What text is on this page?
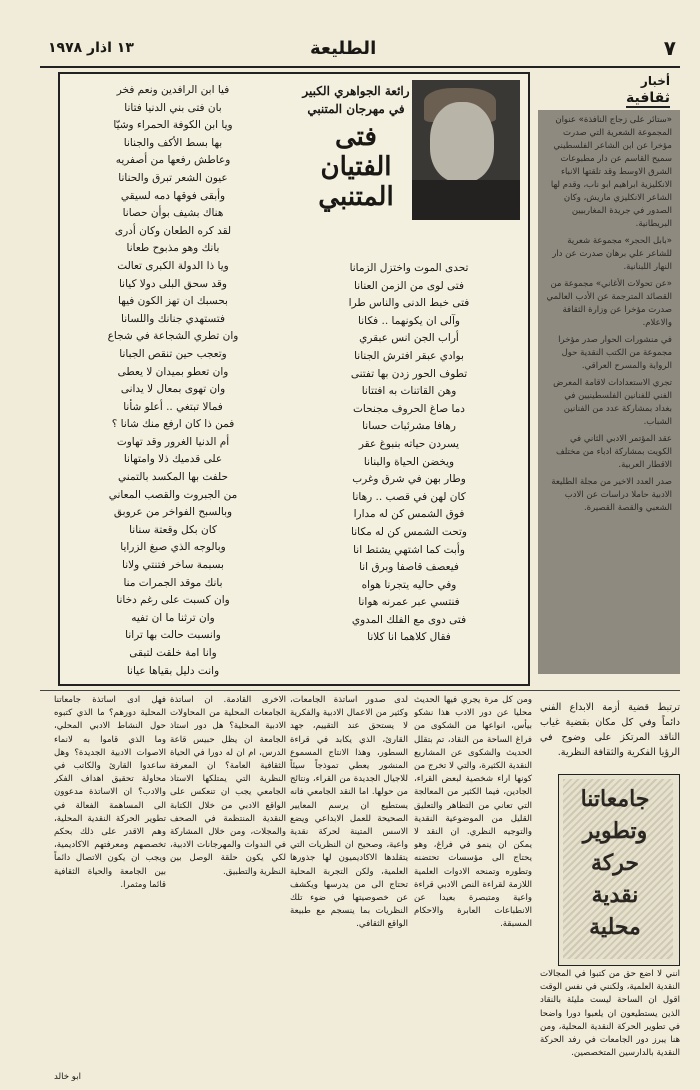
١٣ اذار ١٩٧٨	الطليعة	٧
فيا ابن الرافدين ونعم فخر
بان فتى بني الدنيا فتانا
ويا ابن الكوفة الحمراء وشيّا
بها بسط الأكف والجنانا
وعاطش رفعها من أصفريه
عيون الشعر تبرق والحنانا
وأبقى فوقها دمه لسيقي
هناك بشيف بوأن حصانا
لقد كره الطعان وكان أدرى
بانك وهو مذبوح طعانا
ويا ذا الدولة الكبرى تعالت
وقد سحق البلى دولا كيانا
بحسبك ان تهز الكون فيها
فتستهدي جنانك واللسانا
وان تطري الشجاعة في شجاع
وتعجب حين تنقص الجبانا
وان تعطو بميدان لا يعطى
وان تهوى بمعال لا يدانى
فمالا تبتغي .. أعلو شأنا
فمن ذا كان ارفع منك شانا ؟
أم الدنيا الغرور وقد تهاوت
على قدميك ذلا وامتهانا
حلفت بها المكسد بالتمني
من الجبروت والقصب المعاني
وبالسبح الفواخر من عروبق
كان بكل وقعتة سنانا
وبالوجه الذي صبغ الزرايا
بسبمة ساخر فتنتي ولانا
بانك موقد الجمرات منا
وان كسبت على رغم دخانا
وان ترثنا ما ان تفيه
وانسبت حالت بها ترانا
وانا امة خلقت لتبقى
وانت دليل بقياها عيانا
تحدى الموت واختزل الزمانا
فتى لوى من الزمن العنانا
فتى خبط الدنى والناس طرا
وآلى ان يكونهما .. فكانا
أراب الجن انس عبقري
بوادي عبقر افترش الجنانا
تطوف الحور زدن بها تفتنى
وهن القاتنات به افتتانا
دما صاغ الحروف مجنحات
رهافا مشرئبات حسانا
يسردن حياته بنبوغ عقر
ويخضن الحياة والبنانا
وطار بهن في شرق وغرب
كان لهن في قصب .. رهانا
فوق الشمس كن له مدارا
وتحت الشمس كن له مكانا
وأبت كما اشتهي يشتط انا
فيعصف قاصفا وبرق انا
وفي حاليه يتجرنا هواه
فنتسي عبر عمرنه هوانا
فتى دوى مع الفلك المدوي
فقال كلاهما انا كلانا
رائعة الجواهري الكبير
في مهرجان المتنبي
فتى الفتيان المتنبي
أخبار
ثقافية

«ستائر على زجاج النافذة» عنوان المجموعة الشعرية التي صدرت مؤخرا عن ابن الشاعر الفلسطيني سميح القاسم عن دار مطبوعات الشرق الاوسط وقد تلقتها الانباء الانكليزية ابراهيم ابو ناب، وقدم لها الشاعر الانكليزي ماريش، وكان الصدور في جريدة المغاربيين البريطانية.

«بابل الحجر» مجموعة شعرية للشاعر علي برهان صدرت عن دار النهار اللبنانية.

«عن تحولات الأغاني» مجموعة من القصائد المترجمة عن الأدب العالمي صدرت مؤخرا عن وزارة الثقافة والاعلام.

في منشورات الحوار صدر مؤخرا مجموعة من الكتب النقدية حول الرواية والمسرح العراقي.

تجري الاستعدادات لاقامة المعرض الفني للفنانين الفلسطينيين في بغداد بمشاركة عدد من الفنانين الشباب.

عقد المؤتمر الادبي الثاني في الكويت بمشاركة ادباء من مختلف الاقطار العربية.

صدر العدد الاخير من مجلة الطليعة الادبية حاملا دراسات عن الادب الشعبي والقصة القصيرة.

ترتبط قضية أزمة الابداع الفني دائماً وفي كل مكان بقضية غياب الناقد المرتكز على وضوح في الرؤيا الفكرية والثقافة النظرية.

جامعاتنا
وتطوير
حركة
نقدية
محلية

انني لا اضع حق من كتبوا في المجالات النقدية العلمية، ولكنني في نفس الوقت اقول ان الساحة ليست مليئة بالنقاد الذين يستطيعون ان يلعبوا دورا واضحا في تطوير الحركة النقدية المحلية، ومن هنا يبرز دور الجامعات في رفد الحركة النقدية بالدارسين المتخصصين.

ومن كل مرة يجري فيها الحديث محليا عن دور الادب هذا نشكو بيأس، انواعها من الشكوى من فراغ الساحة من النقاد، تم بتقلل الحديث والشكوى عن المشاريع النقدية الكثيرة، والتي لا تخرج من كونها اراء شخصية لبعض القراء، الجادين، فيما الكثير من المعالجة التي تعاني من التظاهر والتعليق القليل من الموضوعية النقدية والتوجيه النظري. ان النقد لا يمكن ان ينمو في فراغ، وهو يحتاج الى مؤسسات تحتضنه وتطوره وتمنحه الادوات العلمية اللازمة لقراءة النص الادبي قراءة واعية ومتبصرة بعيدا عن الانطباعات العابرة والاحكام المسبقة.

لدى صدور اساتذة الجامعات، وكثير من الاعمال الادبية والفكرية لا يستحق عند التقييم، جهد القارئ، الذي يكابد في قراءة السطور، وهذا الانتاج المسموع المنشور يعطي تموذجاً سيئاً للاجيال الجديدة من القراء، ونتائج من حولها. اما النقد الجامعي فانه يستطيع ان يرسم المعايير الصحيحة للعمل الابداعي ويضع الاسس المتينة لحركة نقدية واعية، وصحيح ان النظريات التي يتقلدها الاكاديميون لها جذورها العلمية، ولكن التجربة المحلية تحتاج الى من يدرسها ويكشف عن خصوصيتها في ضوء تلك النظريات بما ينسجم مع طبيعة الواقع الثقافي.

الاخرى القادمة. ان اساتذة الجامعات المحلية من المحاولات الادبية المحلية؟ هل دور استاذ الجامعة ان يظل حبيس قاعة الدرس، ام ان له دورا في الحياة الثقافية العامة؟ ان المعرفة النظرية التي يمتلكها الاستاذ الجامعي يجب ان تنعكس على الواقع الادبي من خلال الكتابة النقدية المنتظمة في الصحف والمجلات، ومن خلال المشاركة في الندوات والمهرجانات الادبية، لكي يكون حلقة الوصل بين النظرية والتطبيق.

فهل ادى اساتذة جامعاتنا المحلية دورهم؟ ما الذي كتبوه حول النشاط الادبي المحلي، وما الذي قاموا به لانماء الاصوات الادبية الجديدة؟ وهل ساعدوا القارئ والكاتب في محاولة تحقيق اهداف الفكر والادب؟ ان الاساتذة مدعوون الى المساهمة الفعالة في تطوير الحركة النقدية المحلية، وهم الاقدر على ذلك بحكم تخصصهم ومعرفتهم الاكاديمية، ويجب ان يكون الاتصال دائماً بين الجامعة والحياة الثقافية قائما ومثمرا.

ابو خالد
